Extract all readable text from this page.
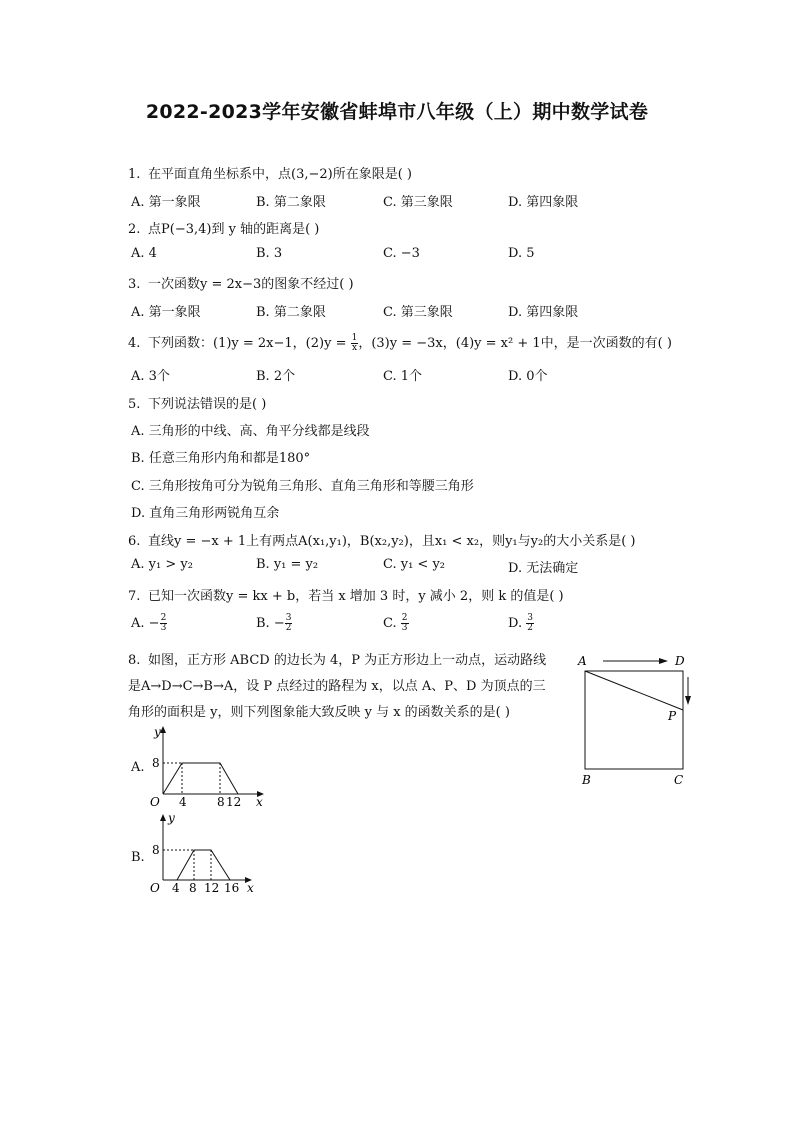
2022-2023学年安徽省蚌埠市八年级（上）期中数学试卷
1. 在平面直角坐标系中，点(3,−2)所在象限是( )
A. 第一象限	B. 第二象限	C. 第三象限	D. 第四象限
2. 点P(−3,4)到 y 轴的距离是( )
A. 4	B. 3	C. −3	D. 5
3. 一次函数y = 2x−3的图象不经过( )
A. 第一象限	B. 第二象限	C. 第三象限	D. 第四象限
4. 下列函数：(1)y = 2x−1，$(2)y = \frac{1}{x}$ ，(3)y = −3x，(4)y = x² + 1中，是一次函数的有( )
A. 3个	B. 2个	C. 1个	D. 0个
5. 下列说法错误的是( )
A. 三角形的中线、高、角平分线都是线段
B. 任意三角形内角和都是180°
C. 三角形按角可分为锐角三角形、直角三角形和等腰三角形
D. 直角三角形两锐角互余
6. 直线y = −x + 1上有两点A(x₁,y₁)，B(x₂,y₂)，且x₁ < x₂，则y₁与y₂的大小关系是( )
A. y₁ > y₂	B. y₁ = y₂	C. y₁ < y₂	D. 无法确定
7. 已知一次函数y = kx + b，若当 x 增加 3 时，y 减小 2，则 k 的值是( )
A. − $\frac{2}{3}$	B. − $\frac{3}{2}$	C. $\frac{2}{3}$	D. $\frac{3}{2}$
8. 如图，正方形 ABCD 的边长为 4，P 为正方形边上一动点，运动路线
是A→D→C→B→A，设 P 点经过的路程为 x，以点 A、P、D 为顶点的三
角形的面积是 y，则下列图象能大致反映 y 与 x 的函数关系的是( )
A	D
P
B	C
A.
y
8
O 4	8 12 x
B.
y
8
O 4 8 12 16 x
